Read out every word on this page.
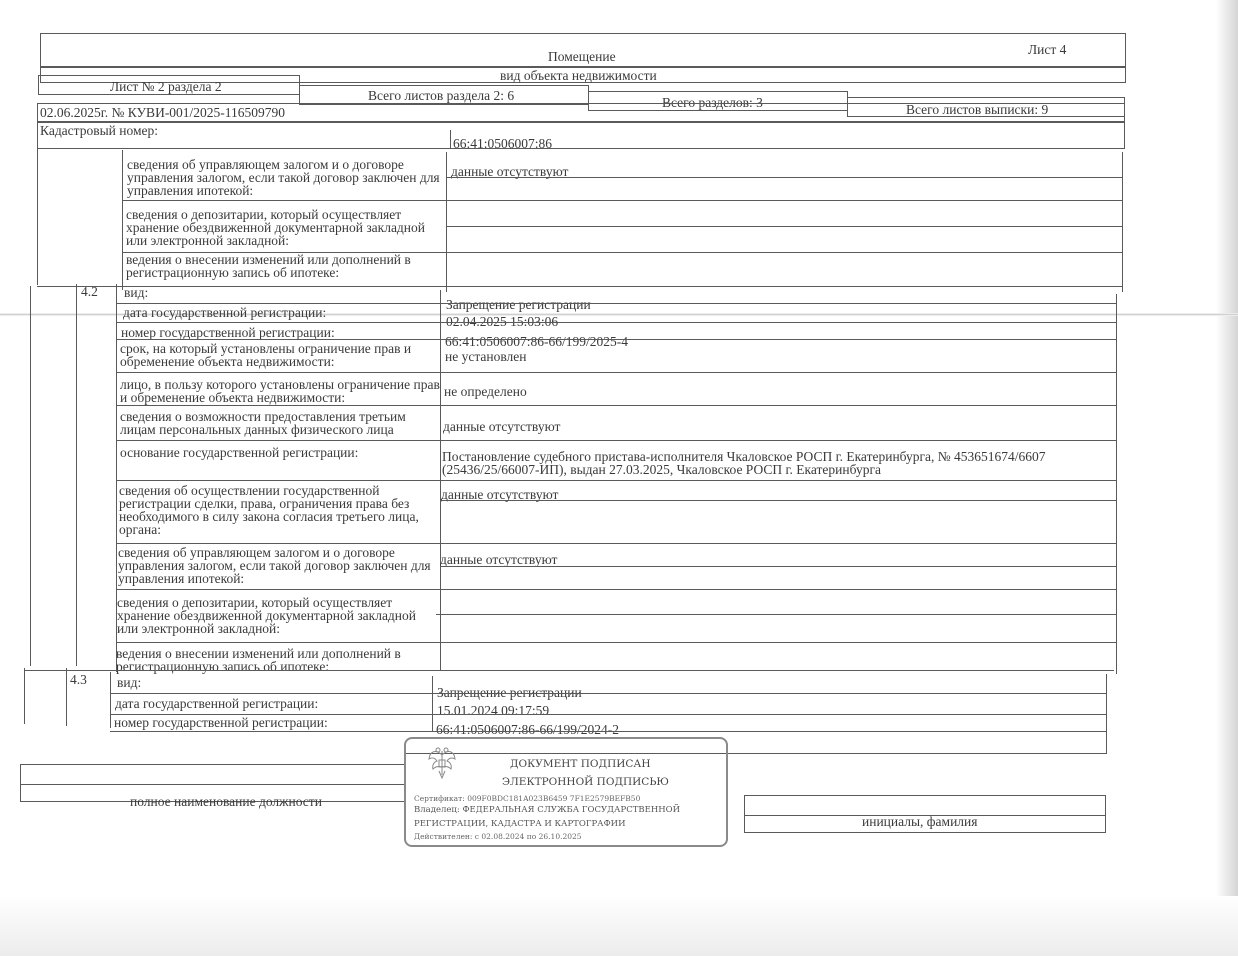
Помещение	Лист 4
вид объекта недвижимости
Лист № 2 раздела 2
Всего листов раздела 2: 6	Всего разделов: 3	Всего листов выписки: 9
02.06.2025г. № КУВИ-001/2025-116509790
Кадастровый номер:
66:41:0506007:86
сведения об управляющем залогом и о договоре управления залогом, если такой договор заключен для управления ипотекой:
данные отсутствуют
сведения о депозитарии, который осуществляет хранение обездвиженной документарной закладной или электронной закладной:
ведения о внесении изменений или дополнений в регистрационную запись об ипотеке:
4.2 вид:
Запрещение регистрации
дата государственной регистрации:
02.04.2025 15:03:06
номер государственной регистрации:
66:41:0506007:86-66/199/2025-4
срок, на который установлены ограничение прав и обременение объекта недвижимости:	не установлен
лицо, в пользу которого установлены ограничение прав и обременение объекта недвижимости:	не определено
сведения о возможности предоставления третьим лицам персональных данных физического лица	данные отсутствуют
основание государственной регистрации:	Постановление судебного пристава-исполнителя Чкаловское РОСП г. Екатеринбурга, № 453651674/6607 (25436/25/66007-ИП), выдан 27.03.2025, Чкаловское РОСП г. Екатеринбурга
сведения об осуществлении государственной регистрации сделки, права, ограничения права без необходимого в силу закона согласия третьего лица, органа:
данные отсутствуют
сведения об управляющем залогом и о договоре управления залогом, если такой договор заключен для управления ипотекой:
данные отсутствуют
сведения о депозитарии, который осуществляет хранение обездвиженной документарной закладной или электронной закладной:
ведения о внесении изменений или дополнений в регистрационную запись об ипотеке:
4.3 вид:
Запрещение регистрации
дата государственной регистрации:	15.01.2024 09:17:59
номер государственной регистрации:	66:41:0506007:86-66/199/2024-2
полное наименование должности
инициалы, фамилия
ДОКУМЕНТ ПОДПИСАН
ЭЛЕКТРОННОЙ ПОДПИСЬЮ
Сертификат: 009F0BDC181A023B6459 7F1E2579BEFB50
Владелец: ФЕДЕРАЛЬНАЯ СЛУЖБА ГОСУДАРСТВЕННОЙ
РЕГИСТРАЦИИ, КАДАСТРА И КАРТОГРАФИИ
Действителен: с 02.08.2024 по 26.10.2025
